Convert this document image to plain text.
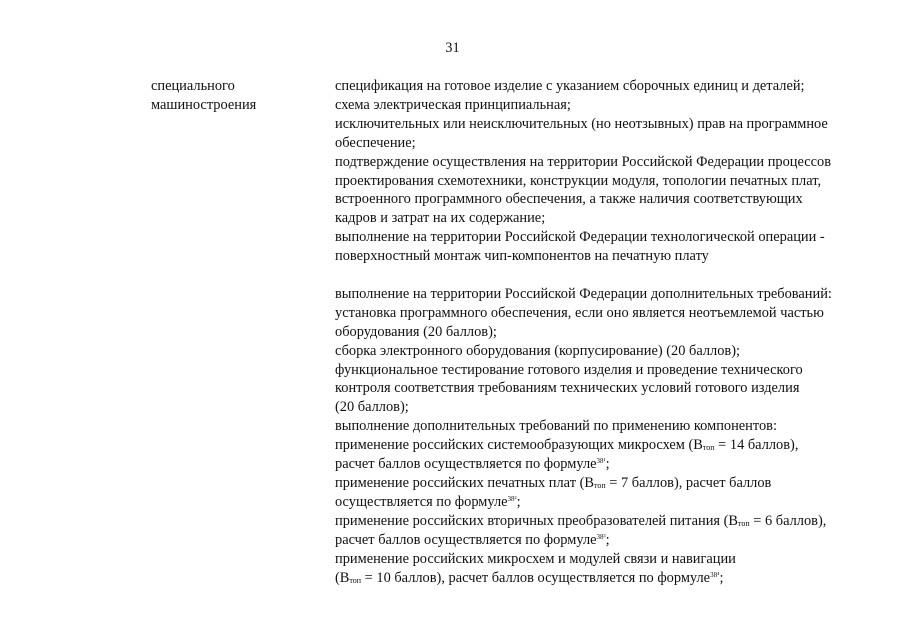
31
специального
машиностроения
спецификация на готовое изделие с указанием сборочных единиц и деталей;
схема электрическая принципиальная;
исключительных или неисключительных (но неотзывных) прав на программное
обеспечение;
подтверждение осуществления на территории Российской Федерации процессов
проектирования схемотехники, конструкции модуля, топологии печатных плат,
встроенного программного обеспечения, а также наличия соответствующих
кадров и затрат на их содержание;
выполнение на территории Российской Федерации технологической операции -
поверхностный монтаж чип-компонентов на печатную плату
выполнение на территории Российской Федерации дополнительных требований:
установка программного обеспечения, если оно является неотъемлемой частью
оборудования (20 баллов);
сборка электронного оборудования (корпусирование) (20 баллов);
функциональное тестирование готового изделия и проведение технического
контроля соответствия требованиям технических условий готового изделия
(20 баллов);
выполнение дополнительных требований по применению компонентов:
применение российских системообразующих микросхем ($B_{топ} = 14$ баллов),
расчет баллов осуществляется по формуле$^{38^1}$;
применение российских печатных плат ($B_{топ} = 7$ баллов), расчет баллов
осуществляется по формуле$^{38^2}$;
применение российских вторичных преобразователей питания ($B_{топ} = 6$ баллов),
расчет баллов осуществляется по формуле$^{38^3}$;
применение российских микросхем и модулей связи и навигации
($B_{топ} = 10$ баллов), расчет баллов осуществляется по формуле$^{38^4}$;
